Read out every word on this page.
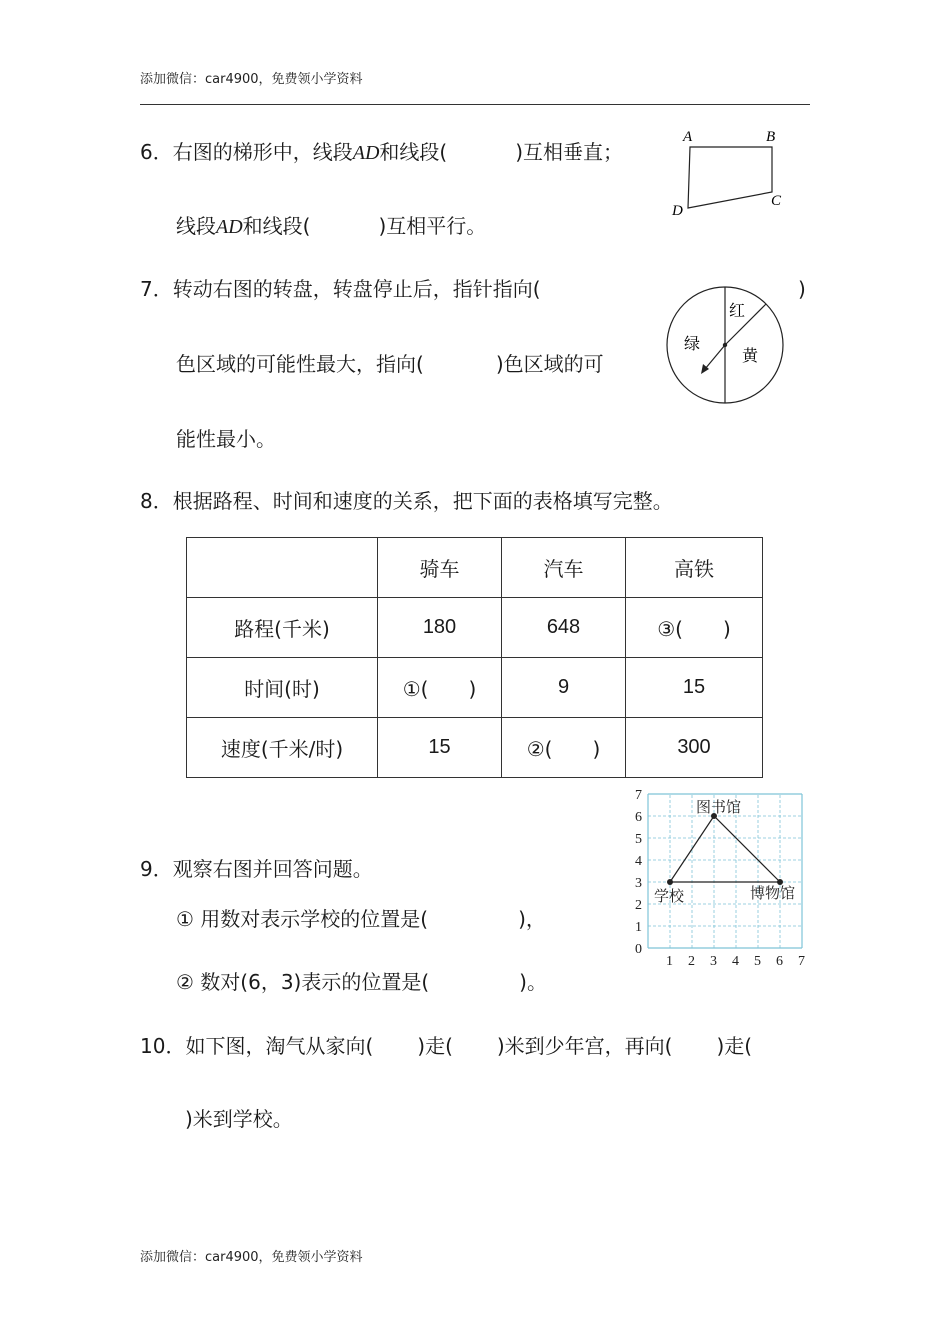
添加微信：car4900，免费领小学资料
6．右图的梯形中，线段AD和线段(	)互相垂直；
线段AD和线段(	)互相平行。
A	B
C
D
7．转动右图的转盘，转盘停止后，指针指向(	)
色区域的可能性最大，指向(	)色区域的可
能性最小。
红
绿
黄
8．根据路程、时间和速度的关系，把下面的表格填写完整。
	骑车	汽车	高铁
路程(千米)	180	648	③(　　)
时间(时)	①(　　)	9	15
速度(千米/时)	15	②(　　)	300
9．观察右图并回答问题。
① 用数对表示学校的位置是(	)，
② 数对(6，3)表示的位置是(	)。
1 2 3 4 5 6 7
0
1
2
3
4
5
6
7
学校
图书馆
博物馆
10．如下图，淘气从家向( )走( )米到少年宫，再向( )走(
)米到学校。
添加微信：car4900，免费领小学资料
